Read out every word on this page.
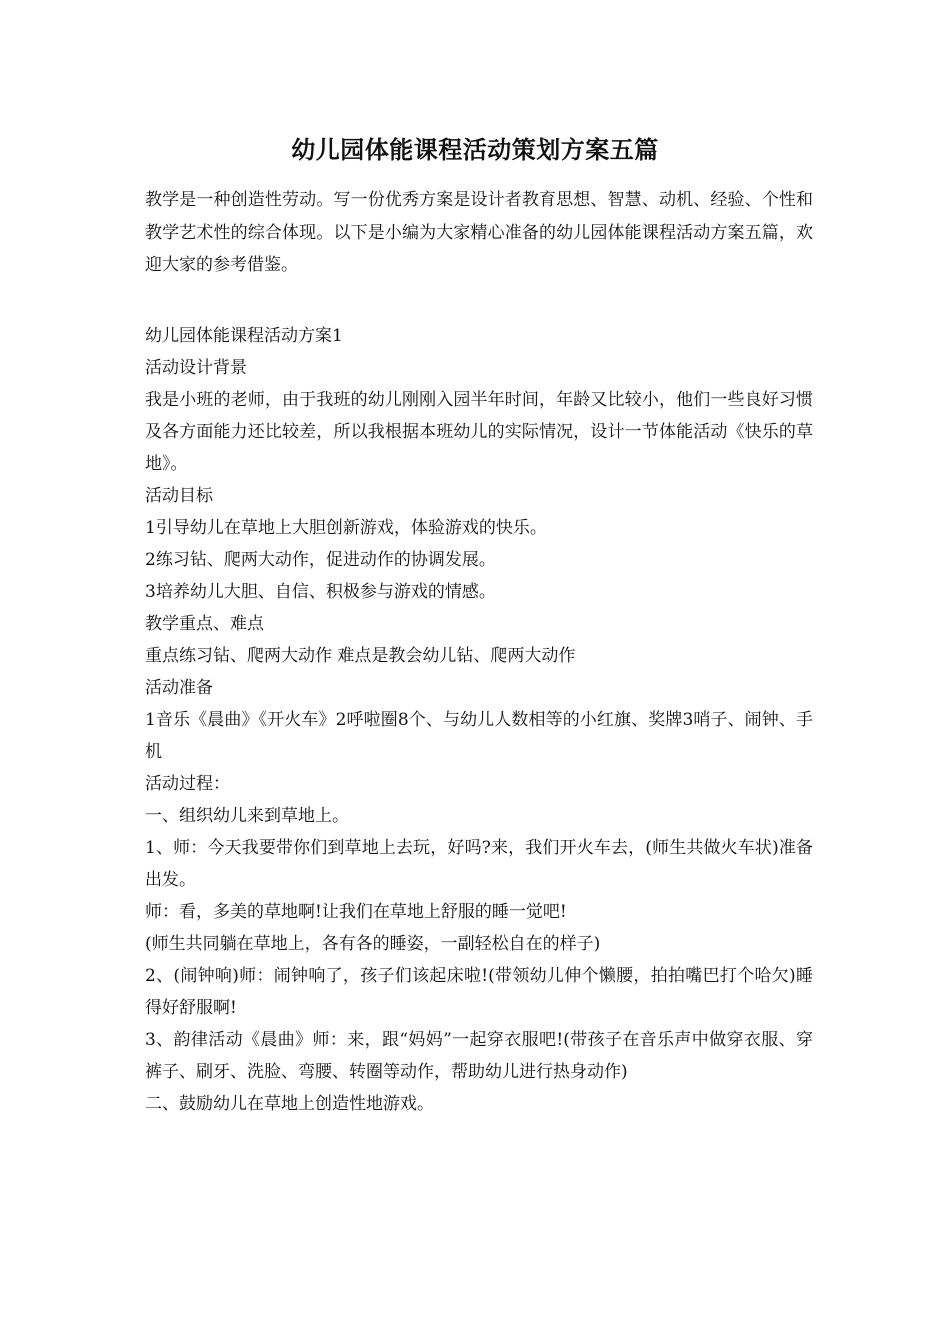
幼儿园体能课程活动策划方案五篇

教学是一种创造性劳动。写一份优秀方案是设计者教育思想、智慧、动机、经验、个性和教学艺术性的综合体现。以下是小编为大家精心准备的幼儿园体能课程活动方案五篇，欢迎大家的参考借鉴。

幼儿园体能课程活动方案1

活动设计背景

我是小班的老师，由于我班的幼儿刚刚入园半年时间，年龄又比较小，他们一些良好习惯及各方面能力还比较差，所以我根据本班幼儿的实际情况，设计一节体能活动《快乐的草地》。

活动目标

1引导幼儿在草地上大胆创新游戏，体验游戏的快乐。

2练习钻、爬两大动作，促进动作的协调发展。

3培养幼儿大胆、自信、积极参与游戏的情感。

教学重点、难点

重点练习钻、爬两大动作 难点是教会幼儿钻、爬两大动作

活动准备

1音乐《晨曲》《开火车》2呼啦圈8个、与幼儿人数相等的小红旗、奖牌3哨子、闹钟、手机

活动过程：

一、组织幼儿来到草地上。

1、师：今天我要带你们到草地上去玩，好吗?来，我们开火车去，(师生共做火车状)准备出发。

师：看，多美的草地啊!让我们在草地上舒服的睡一觉吧!

(师生共同躺在草地上，各有各的睡姿，一副轻松自在的样子)

2、(闹钟响)师：闹钟响了，孩子们该起床啦!(带领幼儿伸个懒腰，拍拍嘴巴打个哈欠)睡得好舒服啊!

3、韵律活动《晨曲》师：来，跟“妈妈”一起穿衣服吧!(带孩子在音乐声中做穿衣服、穿裤子、刷牙、洗脸、弯腰、转圈等动作，帮助幼儿进行热身动作)

二、鼓励幼儿在草地上创造性地游戏。
